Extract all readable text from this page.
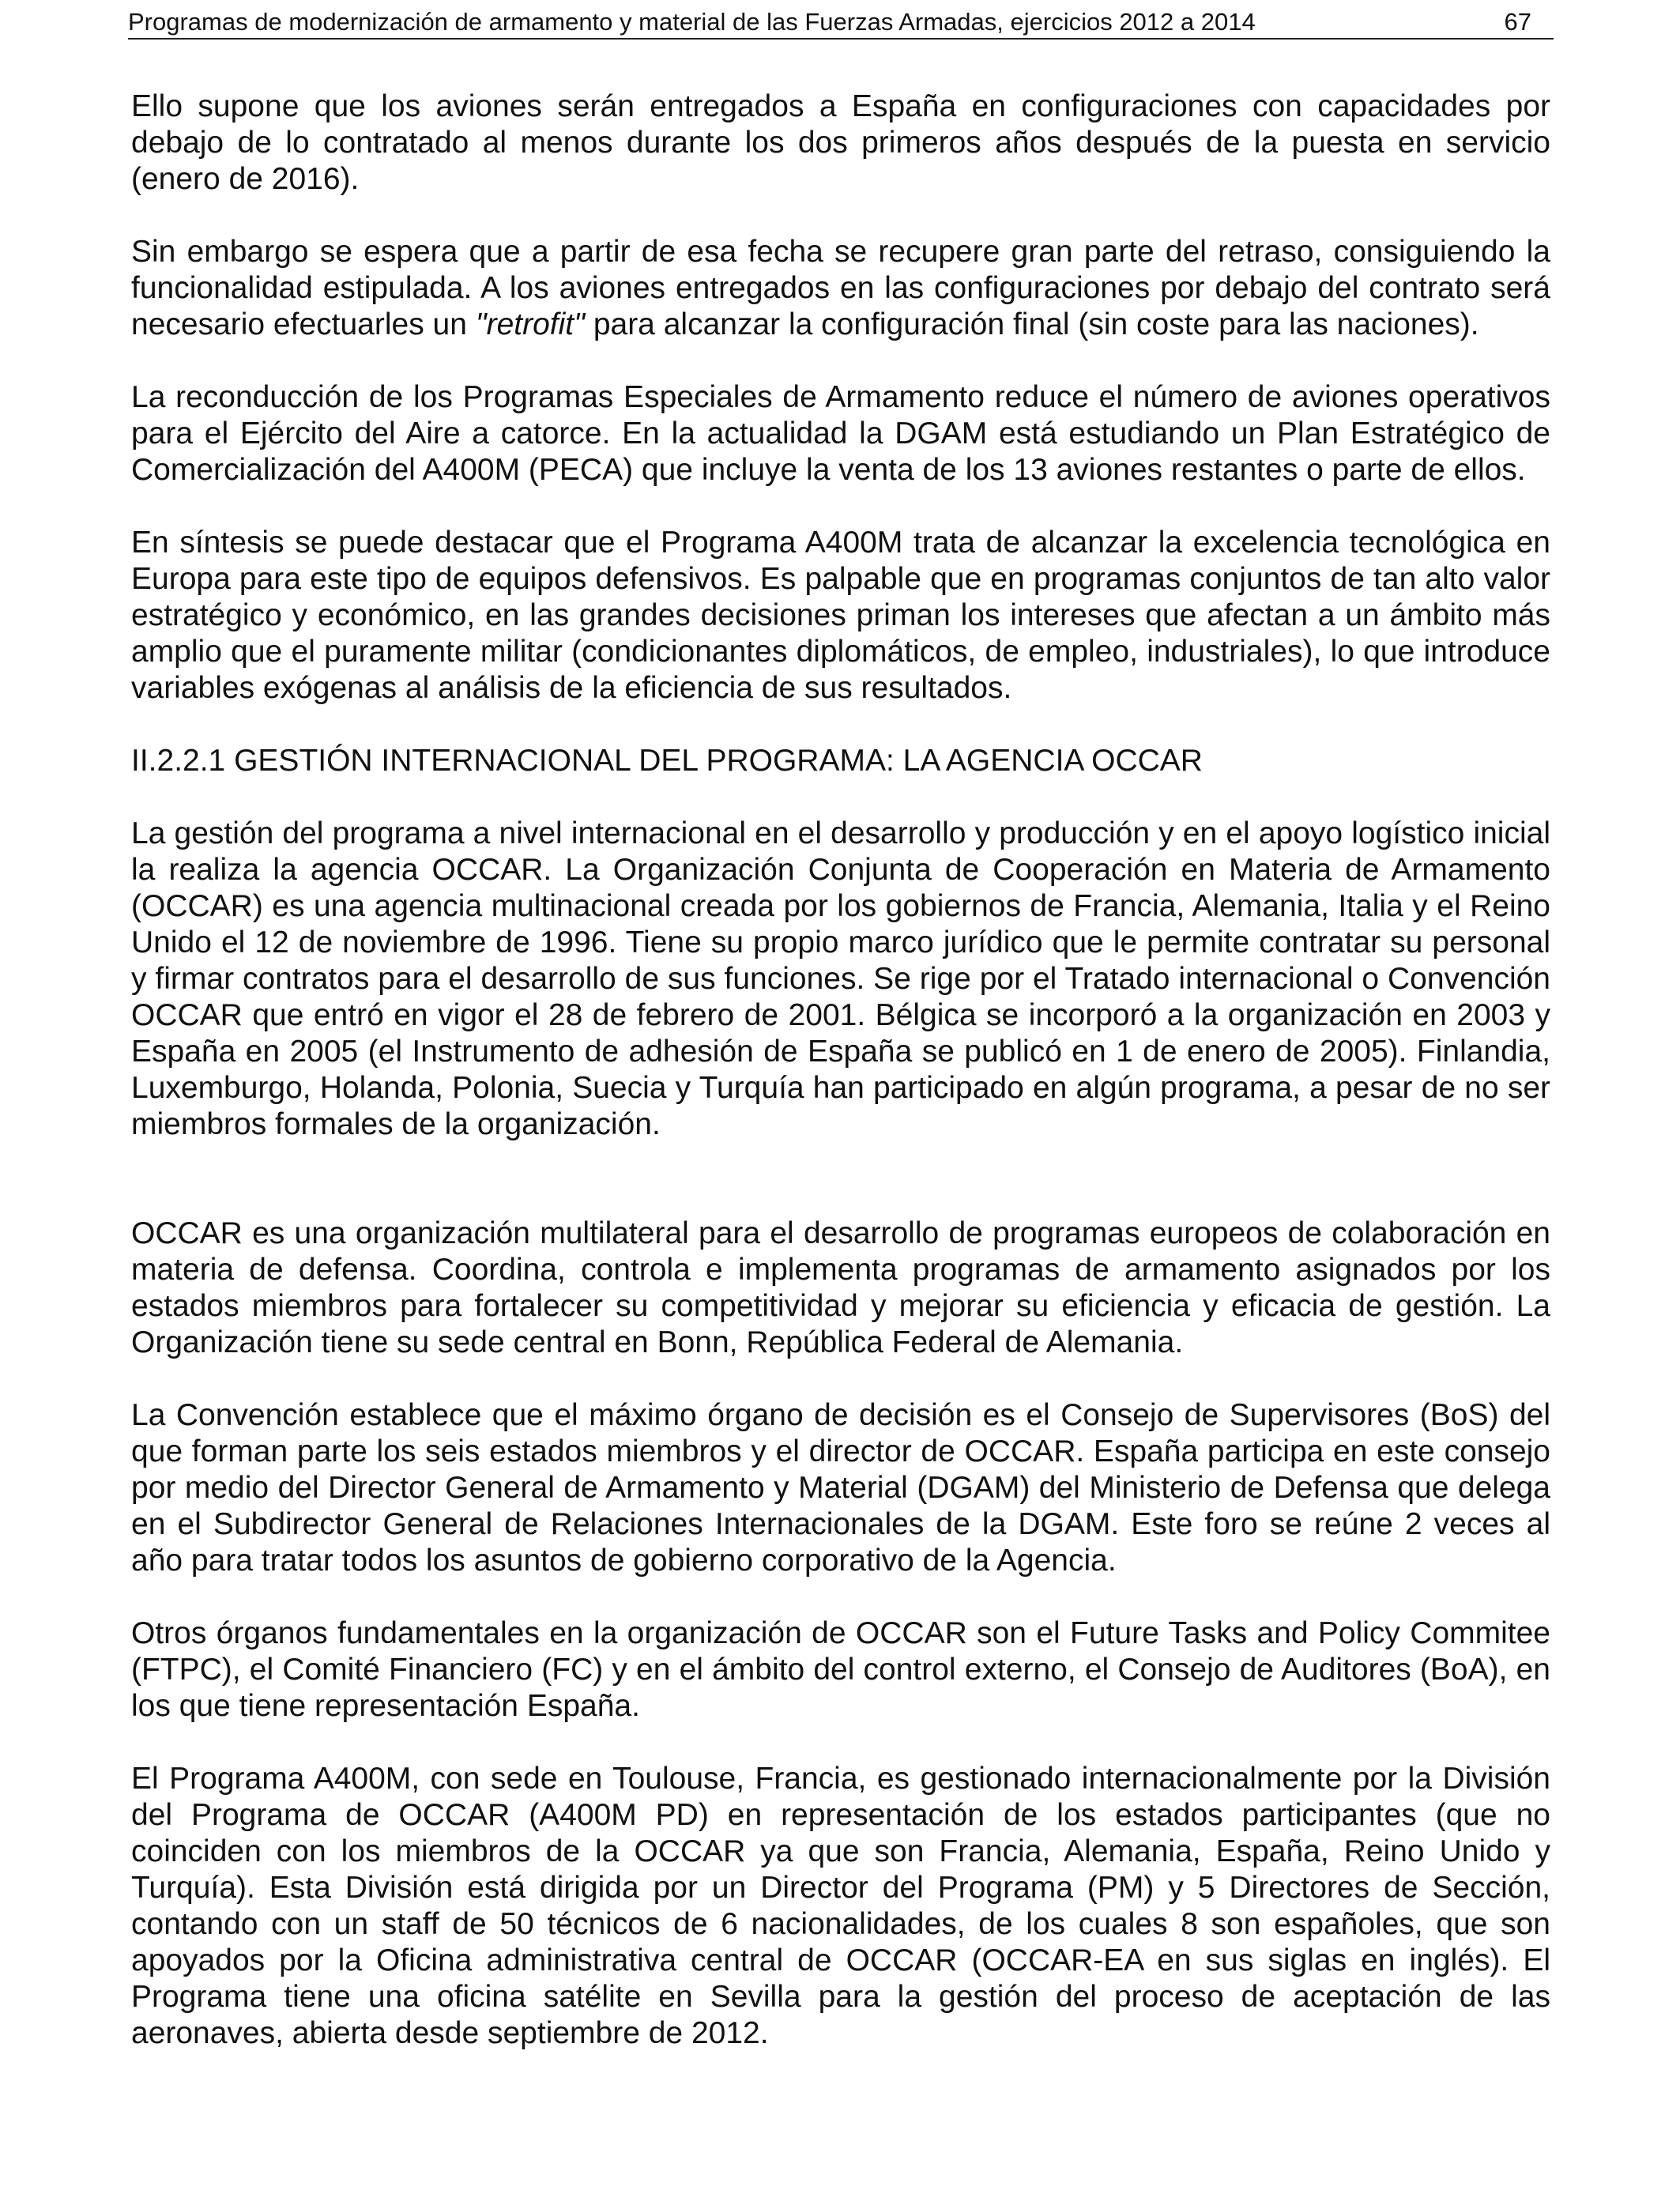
Programas de modernización de armamento y material de las Fuerzas Armadas, ejercicios 2012 a 2014	67

Ello supone que los aviones serán entregados a España en configuraciones con capacidades por debajo de lo contratado al menos durante los dos primeros años después de la puesta en servicio (enero de 2016).

Sin embargo se espera que a partir de esa fecha se recupere gran parte del retraso, consiguiendo la funcionalidad estipulada. A los aviones entregados en las configuraciones por debajo del contrato será necesario efectuarles un "retrofit" para alcanzar la configuración final (sin coste para las naciones).

La reconducción de los Programas Especiales de Armamento reduce el número de aviones operativos para el Ejército del Aire a catorce. En la actualidad la DGAM está estudiando un Plan Estratégico de Comercialización del A400M (PECA) que incluye la venta de los 13 aviones restantes o parte de ellos.

En síntesis se puede destacar que el Programa A400M trata de alcanzar la excelencia tecnológica en Europa para este tipo de equipos defensivos. Es palpable que en programas conjuntos de tan alto valor estratégico y económico, en las grandes decisiones priman los intereses que afectan a un ámbito más amplio que el puramente militar (condicionantes diplomáticos, de empleo, industriales), lo que introduce variables exógenas al análisis de la eficiencia de sus resultados.

II.2.2.1 GESTIÓN INTERNACIONAL DEL PROGRAMA: LA AGENCIA OCCAR

La gestión del programa a nivel internacional en el desarrollo y producción y en el apoyo logístico inicial la realiza la agencia OCCAR. La Organización Conjunta de Cooperación en Materia de Armamento (OCCAR) es una agencia multinacional creada por los gobiernos de Francia, Alemania, Italia y el Reino Unido el 12 de noviembre de 1996. Tiene su propio marco jurídico que le permite contratar su personal y firmar contratos para el desarrollo de sus funciones. Se rige por el Tratado internacional o Convención OCCAR que entró en vigor el 28 de febrero de 2001. Bélgica se incorporó a la organización en 2003 y España en 2005 (el Instrumento de adhesión de España se publicó en 1 de enero de 2005). Finlandia, Luxemburgo, Holanda, Polonia, Suecia y Turquía han participado en algún programa, a pesar de no ser miembros formales de la organización.

OCCAR es una organización multilateral para el desarrollo de programas europeos de colaboración en materia de defensa. Coordina, controla e implementa programas de armamento asignados por los estados miembros para fortalecer su competitividad y mejorar su eficiencia y eficacia de gestión. La Organización tiene su sede central en Bonn, República Federal de Alemania.

La Convención establece que el máximo órgano de decisión es el Consejo de Supervisores (BoS) del que forman parte los seis estados miembros y el director de OCCAR. España participa en este consejo por medio del Director General de Armamento y Material (DGAM) del Ministerio de Defensa que delega en el Subdirector General de Relaciones Internacionales de la DGAM. Este foro se reúne 2 veces al año para tratar todos los asuntos de gobierno corporativo de la Agencia.

Otros órganos fundamentales en la organización de OCCAR son el Future Tasks and Policy Commitee (FTPC), el Comité Financiero (FC) y en el ámbito del control externo, el Consejo de Auditores (BoA), en los que tiene representación España.

El Programa A400M, con sede en Toulouse, Francia, es gestionado internacionalmente por la División del Programa de OCCAR (A400M PD) en representación de los estados participantes (que no coinciden con los miembros de la OCCAR ya que son Francia, Alemania, España, Reino Unido y Turquía). Esta División está dirigida por un Director del Programa (PM) y 5 Directores de Sección, contando con un staff de 50 técnicos de 6 nacionalidades, de los cuales 8 son españoles, que son apoyados por la Oficina administrativa central de OCCAR (OCCAR-EA en sus siglas en inglés). El Programa tiene una oficina satélite en Sevilla para la gestión del proceso de aceptación de las aeronaves, abierta desde septiembre de 2012.
